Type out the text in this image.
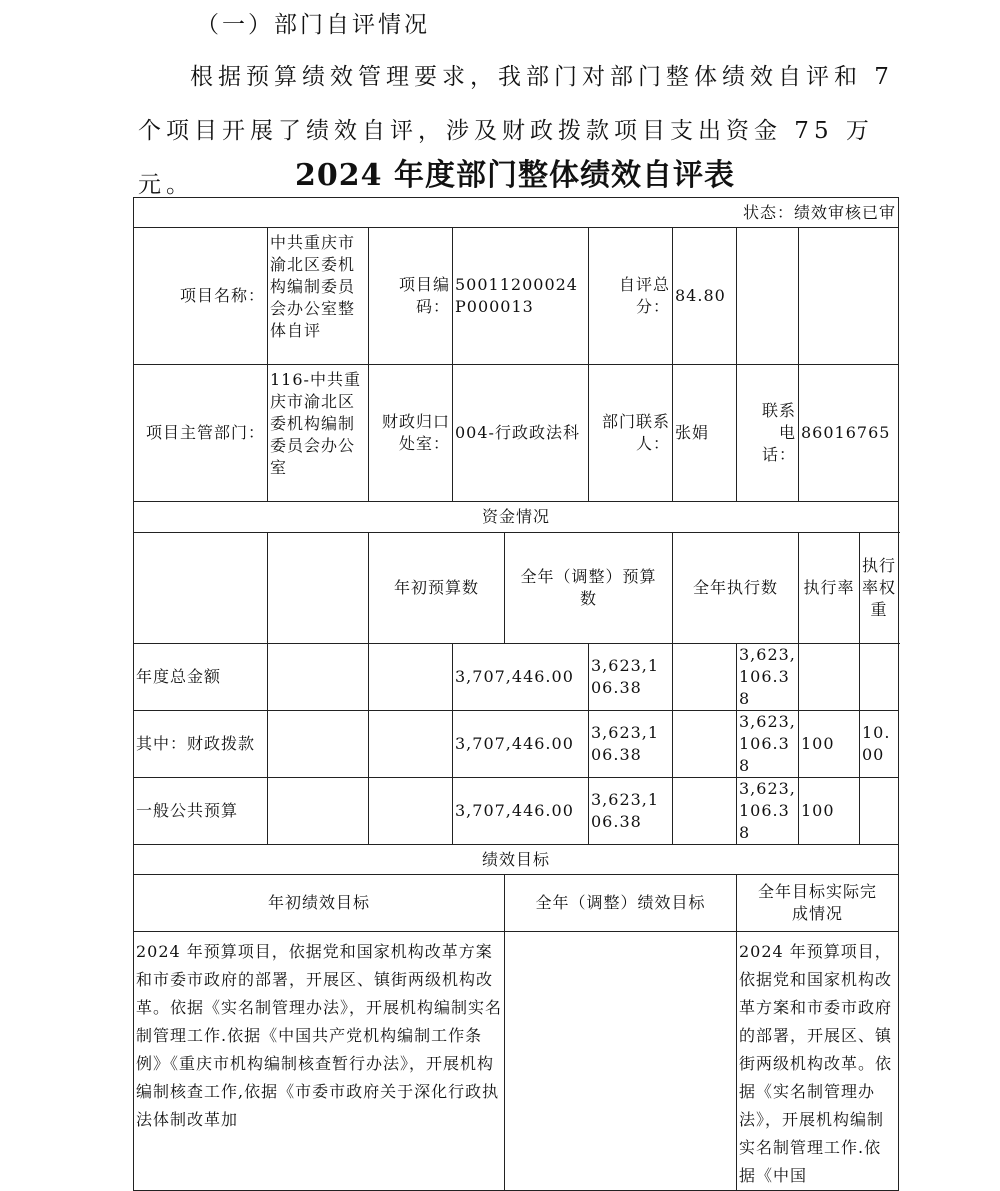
（一）部门自评情况
根据预算绩效管理要求，我部门对部门整体绩效自评和 7
个项目开展了绩效自评，涉及财政拨款项目支出资金 75 万元。	2024 年度部门整体绩效自评表
状态：绩效审核已审										
项目名称：	中共重庆市渝北区委机构编制委员会办公室整体自评	项目编码：	50011200024P000013		自评总分：	84.80				
项目主管部门：	116-中共重庆市渝北区委机构编制委员会办公室	财政归口处室：	004-行政政法科		部门联系人：	张娟	联系电话：	86016765		
资金情况										
		年初预算数		全年（调整）预算数		全年执行数		执行率	执行率权重	
年度总金额			3,707,446.00		3,623,106.38		3,623,106.38			
其中：财政拨款			3,707,446.00		3,623,106.38		3,623,106.38	100	10.00	
一般公共预算			3,707,446.00		3,623,106.38		3,623,106.38	100		
绩效目标										
年初绩效目标				全年（调整）绩效目标			全年目标实际完成情况			
2024 年预算项目，依据党和国家机构改革方案和市委市政府的部署，开展区、镇街两级机构改革。依据《实名制管理办法》，开展机构编制实名制管理工作.依据《中国共产党机构编制工作条例》《重庆市机构编制核查暂行办法》，开展机构编制核查工作,依据《市委市政府关于深化行政执法体制改革加							2024 年预算项目，依据党和国家机构改革方案和市委市政府的部署，开展区、镇街两级机构改革。依据《实名制管理办法》，开展机构编制实名制管理工作.依据《中国			
